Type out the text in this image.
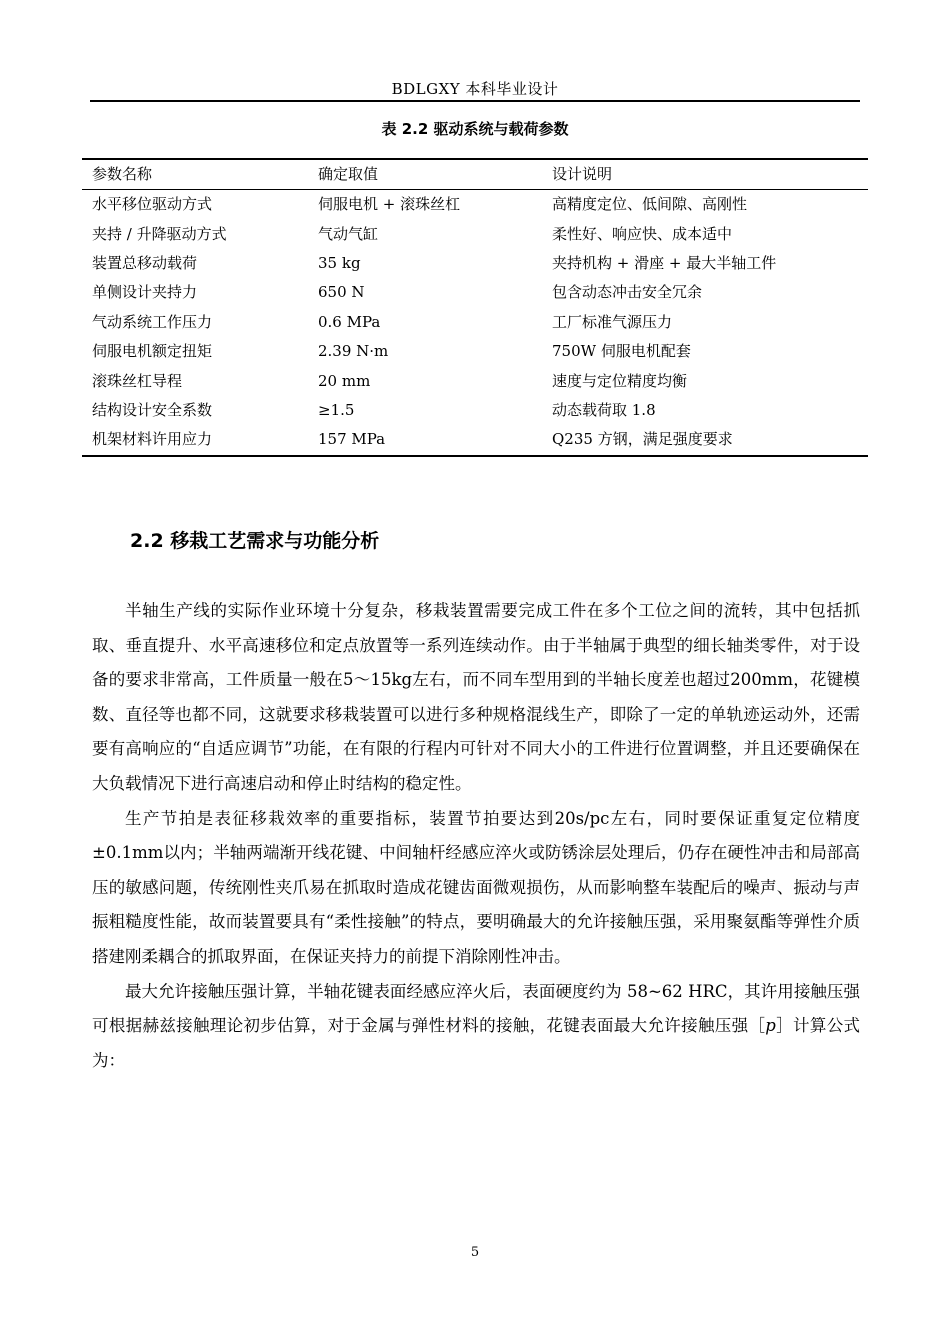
BDLGXY 本科毕业设计
表 2.2 驱动系统与载荷参数
参数名称	确定取值	设计说明
水平移位驱动方式	伺服电机 + 滚珠丝杠	高精度定位、低间隙、高刚性
夹持 / 升降驱动方式	气动气缸	柔性好、响应快、成本适中
装置总移动载荷	35 kg	夹持机构 + 滑座 + 最大半轴工件
单侧设计夹持力	650 N	包含动态冲击安全冗余
气动系统工作压力	0.6 MPa	工厂标准气源压力
伺服电机额定扭矩	2.39 N·m	750W 伺服电机配套
滚珠丝杠导程	20 mm	速度与定位精度均衡
结构设计安全系数	≥1.5	动态载荷取 1.8
机架材料许用应力	157 MPa	Q235 方钢，满足强度要求
2.2 移栽工艺需求与功能分析

半轴生产线的实际作业环境十分复杂，移栽装置需要完成工件在多个工位之间的流转，其中包括抓取、垂直提升、水平高速移位和定点放置等一系列连续动作。由于半轴属于典型的细长轴类零件，对于设备的要求非常高，工件质量一般在5～15kg左右，而不同车型用到的半轴长度差也超过200mm，花键模数、直径等也都不同，这就要求移栽装置可以进行多种规格混线生产，即除了一定的单轨迹运动外，还需要有高响应的“自适应调节”功能，在有限的行程内可针对不同大小的工件进行位置调整，并且还要确保在大负载情况下进行高速启动和停止时结构的稳定性。

生产节拍是表征移栽效率的重要指标，装置节拍要达到20s/pc左右，同时要保证重复定位精度±0.1mm以内；半轴两端渐开线花键、中间轴杆经感应淬火或防锈涂层处理后，仍存在硬性冲击和局部高压的敏感问题，传统刚性夹爪易在抓取时造成花键齿面微观损伤，从而影响整车装配后的噪声、振动与声振粗糙度性能，故而装置要具有“柔性接触”的特点，要明确最大的允许接触压强，采用聚氨酯等弹性介质搭建刚柔耦合的抓取界面，在保证夹持力的前提下消除刚性冲击。

最大允许接触压强计算，半轴花键表面经感应淬火后，表面硬度约为 58~62 HRC，其许用接触压强可根据赫兹接触理论初步估算，对于金属与弹性材料的接触，花键表面最大允许接触压强［p］计算公式为：

5
